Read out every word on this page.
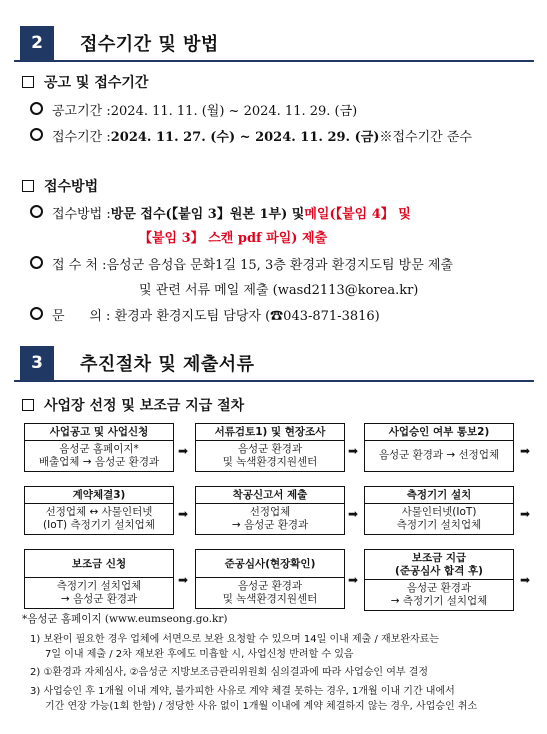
2	접수기간 및 방법
공고 및 접수기간
공고기간 : 2024. 11. 11. (월) ~ 2024. 11. 29. (금)
접수기간 : 2024. 11. 27. (수) ~ 2024. 11. 29. (금) ※접수기간 준수
접수방법
접수방법 : 방문 접수(【붙임 3】원본 1부) 및 메일(【붙임 4】 및
【붙임 3】 스캔 pdf 파일) 제출
접 수 처 : 음성군 음성읍 문화1길 15, 3층 환경과 환경지도팀 방문 제출
및 관련 서류 메일 제출 (wasd2113@korea.kr)
문      의 : 환경과 환경지도팀 담당자 (☎043-871-3816)
3	추진절차 및 제출서류
사업장 선정 및 보조금 지급 절차
사업공고 및 사업신청
음성군 홈페이지*
배출업체 → 음성군 환경과
➡
서류검토1) 및 현장조사
음성군 환경과
및 녹색환경지원센터
➡
사업승인 여부 통보2)
음성군 환경과 → 선정업체	➡
계약체결3)
선정업체 ↔ 사물인터넷
(IoT) 측정기기 설치업체
➡
착공신고서 제출
선정업체
→ 음성군 환경과
➡
측정기기 설치
사물인터넷(IoT)
측정기기 설치업체
➡
보조금 신청
측정기기 설치업체
→ 음성군 환경과
➡
준공심사(현장확인)
음성군 환경과
및 녹색환경지원센터
➡
보조금 지급
(준공심사 합격 후)
음성군 환경과
→ 측정기기 설치업체
➡
*음성군 홈페이지 (www.eumseong.go.kr)
1) 보완이 필요한 경우 업체에 서면으로 보완 요청할 수 있으며 14일 이내 제출 / 재보완자료는
7일 이내 제출 / 2차 재보완 후에도 미흡할 시, 사업신청 반려할 수 있음
2) ①환경과 자체심사, ②음성군 지방보조금관리위원회 심의결과에 따라 사업승인 여부 결정
3) 사업승인 후 1개월 이내 계약, 불가피한 사유로 계약 체결 못하는 경우, 1개월 이내 기간 내에서
기간 연장 가능(1회 한함) / 정당한 사유 없이 1개월 이내에 계약 체결하지 않는 경우, 사업승인 취소
